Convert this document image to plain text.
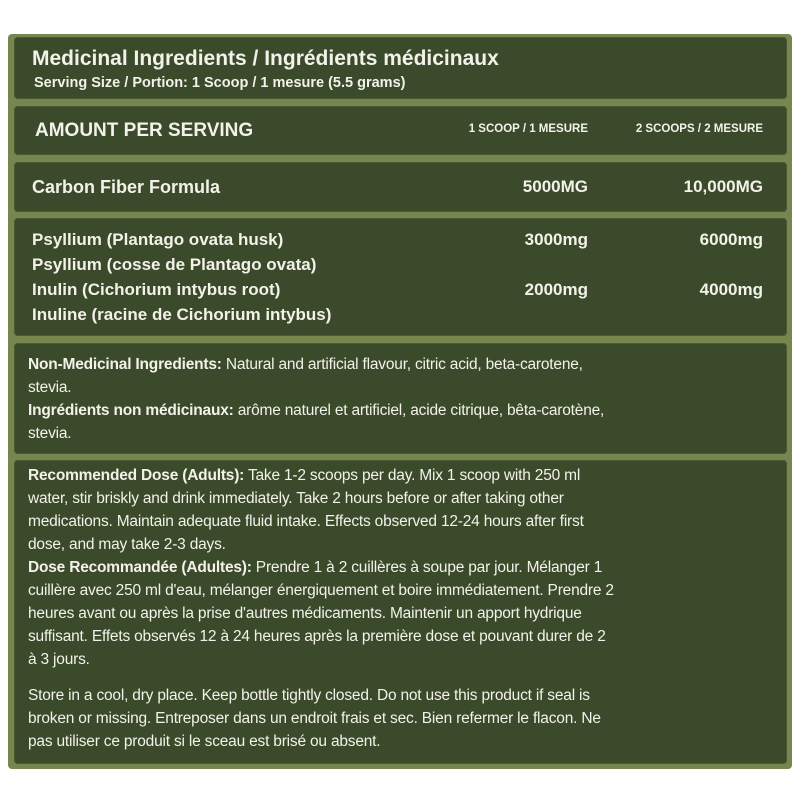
Medicinal Ingredients / Ingrédients médicinaux
Serving Size / Portion: 1 Scoop / 1 mesure (5.5 grams)
AMOUNT PER SERVING	1 SCOOP / 1 MESURE	2 SCOOPS / 2 MESURE
Carbon Fiber Formula	5000MG	10,000MG
Psyllium (Plantago ovata husk)	3000mg	6000mg
Psyllium (cosse de Plantago ovata)
Inulin (Cichorium intybus root)	2000mg	4000mg
Inuline (racine de Cichorium intybus)
Non-Medicinal Ingredients: Natural and artificial flavour, citric acid, beta-carotene,
stevia.
Ingrédients non médicinaux: arôme naturel et artificiel, acide citrique, bêta-carotène,
stevia.
Recommended Dose (Adults): Take 1-2 scoops per day. Mix 1 scoop with 250 ml
water, stir briskly and drink immediately. Take 2 hours before or after taking other
medications. Maintain adequate fluid intake. Effects observed 12-24 hours after first
dose, and may take 2-3 days.
Dose Recommandée (Adultes): Prendre 1 à 2 cuillères à soupe par jour. Mélanger 1
cuillère avec 250 ml d'eau, mélanger énergiquement et boire immédiatement. Prendre 2
heures avant ou après la prise d'autres médicaments. Maintenir un apport hydrique
suffisant. Effets observés 12 à 24 heures après la première dose et pouvant durer de 2
à 3 jours.
Store in a cool, dry place. Keep bottle tightly closed. Do not use this product if seal is
broken or missing. Entreposer dans un endroit frais et sec. Bien refermer le flacon. Ne
pas utiliser ce produit si le sceau est brisé ou absent.
